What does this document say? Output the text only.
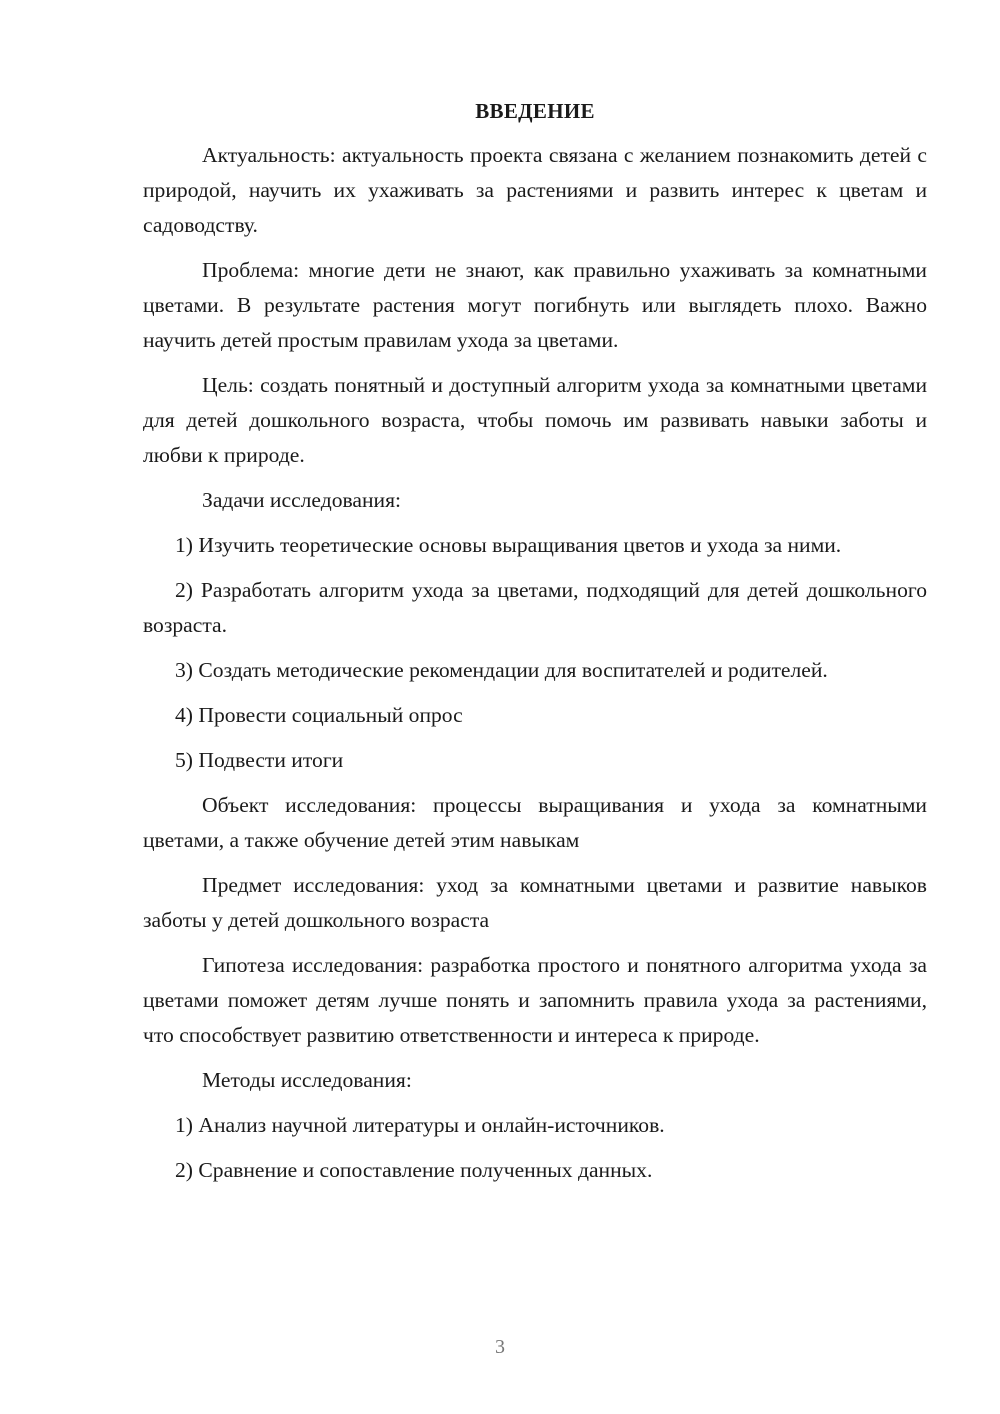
ВВЕДЕНИЕ

Актуальность: актуальность проекта связана с желанием познакомить детей с природой, научить их ухаживать за растениями и развить интерес к цветам и садоводству.

Проблема: многие дети не знают, как правильно ухаживать за комнатными цветами. В результате растения могут погибнуть или выглядеть плохо. Важно научить детей простым правилам ухода за цветами.

Цель: создать понятный и доступный алгоритм ухода за комнатными цветами для детей дошкольного возраста, чтобы помочь им развивать навыки заботы и любви к природе.

Задачи исследования:

1) Изучить теоретические основы выращивания цветов и ухода за ними.

2) Разработать алгоритм ухода за цветами, подходящий для детей дошкольного возраста.

3) Создать методические рекомендации для воспитателей и родителей.

4) Провести социальный опрос

5) Подвести итоги

Объект исследования: процессы выращивания и ухода за комнатными цветами, а также обучение детей этим навыкам

Предмет исследования: уход за комнатными цветами и развитие навыков заботы у детей дошкольного возраста

Гипотеза исследования: разработка простого и понятного алгоритма ухода за цветами поможет детям лучше понять и запомнить правила ухода за растениями, что способствует развитию ответственности и интереса к природе.

Методы исследования:

1) Анализ научной литературы и онлайн-источников.

2) Сравнение и сопоставление полученных данных.

3
